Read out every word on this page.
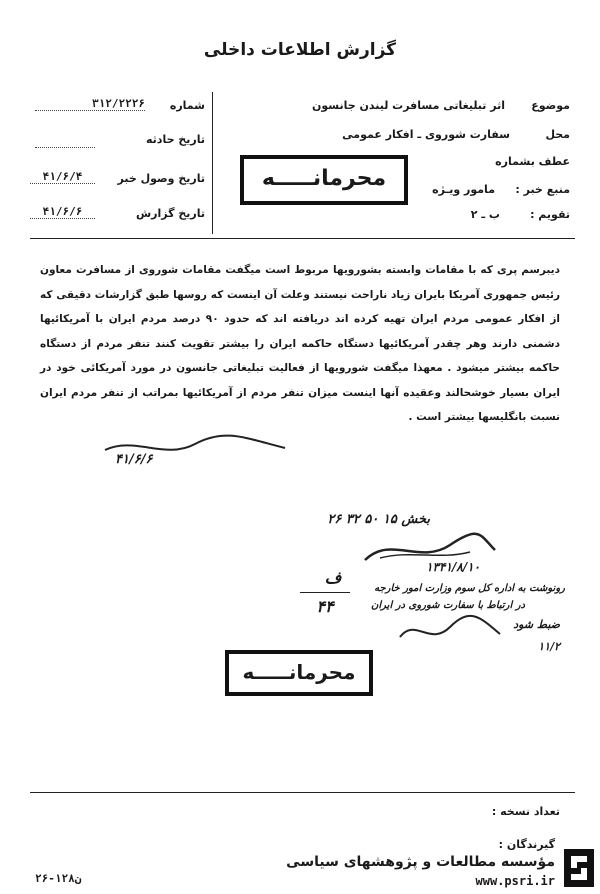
گزارش اطلاعات داخلی
شماره
۳۱۲/۲۲۲۶
تاریخ حادثه
تاریخ وصول خبر
۴۱/۶/۴
تاریخ گزارش
۴۱/۶/۶
موضوع
اثر تبلیغاتی مسافرت لیندن جانسون
محل
سفارت شوروی ـ افکار عمومی
عطف بشماره
منبع خبر :
مامور ویـژه
تقویم :
ب ـ ۲
محرمانـــــه
دیبرسم پری که با مقامات وابسته بشورویها مربوط است میگفت مقامات شوروی از مسافرت معاون رئیس جمهوری آمریکا بایران زیاد ناراحت نیستند وعلت آن اینست که روسها طبق گزارشات دقیقی که از افکار عمومی مردم ایران تهیه کرده اند دریافته اند که حدود ۹۰ درصد مردم ایران با آمریکائیها دشمنی دارند وهر چقدر آمریکائیها دستگاه حاکمه ایران را بیشتر تقویت کنند تنفر مردم از دستگاه حاکمه بیشتر میشود . معهذا میگفت شورویها از فعالیت تبلیغاتی جانسون در مورد آمریکائی خود در ایران بسیار خوشحالند وعقیده آنها اینست میزان تنفر مردم از آمریکائیها بمراتب از تنفر مردم ایران نسبت بانگلیسها بیشتر است .
۴۱/۶/۶
بخش ۱۵ ۵۰ ۳۲ ۲۶
۱۳۴۱/۸/۱۰
رونوشت به اداره کل سوم وزارت امور خارجه
در ارتباط با سفارت شوروی در ایران
ضبط شود
۱۱/۲
ف
۴۴
محرمانـــــه
تعداد نسخه :
گیرندگان :
۲۶-۱۲۸ن
مؤسسه مطالعات و پژوهشهای سیاسی
www.psri.ir
